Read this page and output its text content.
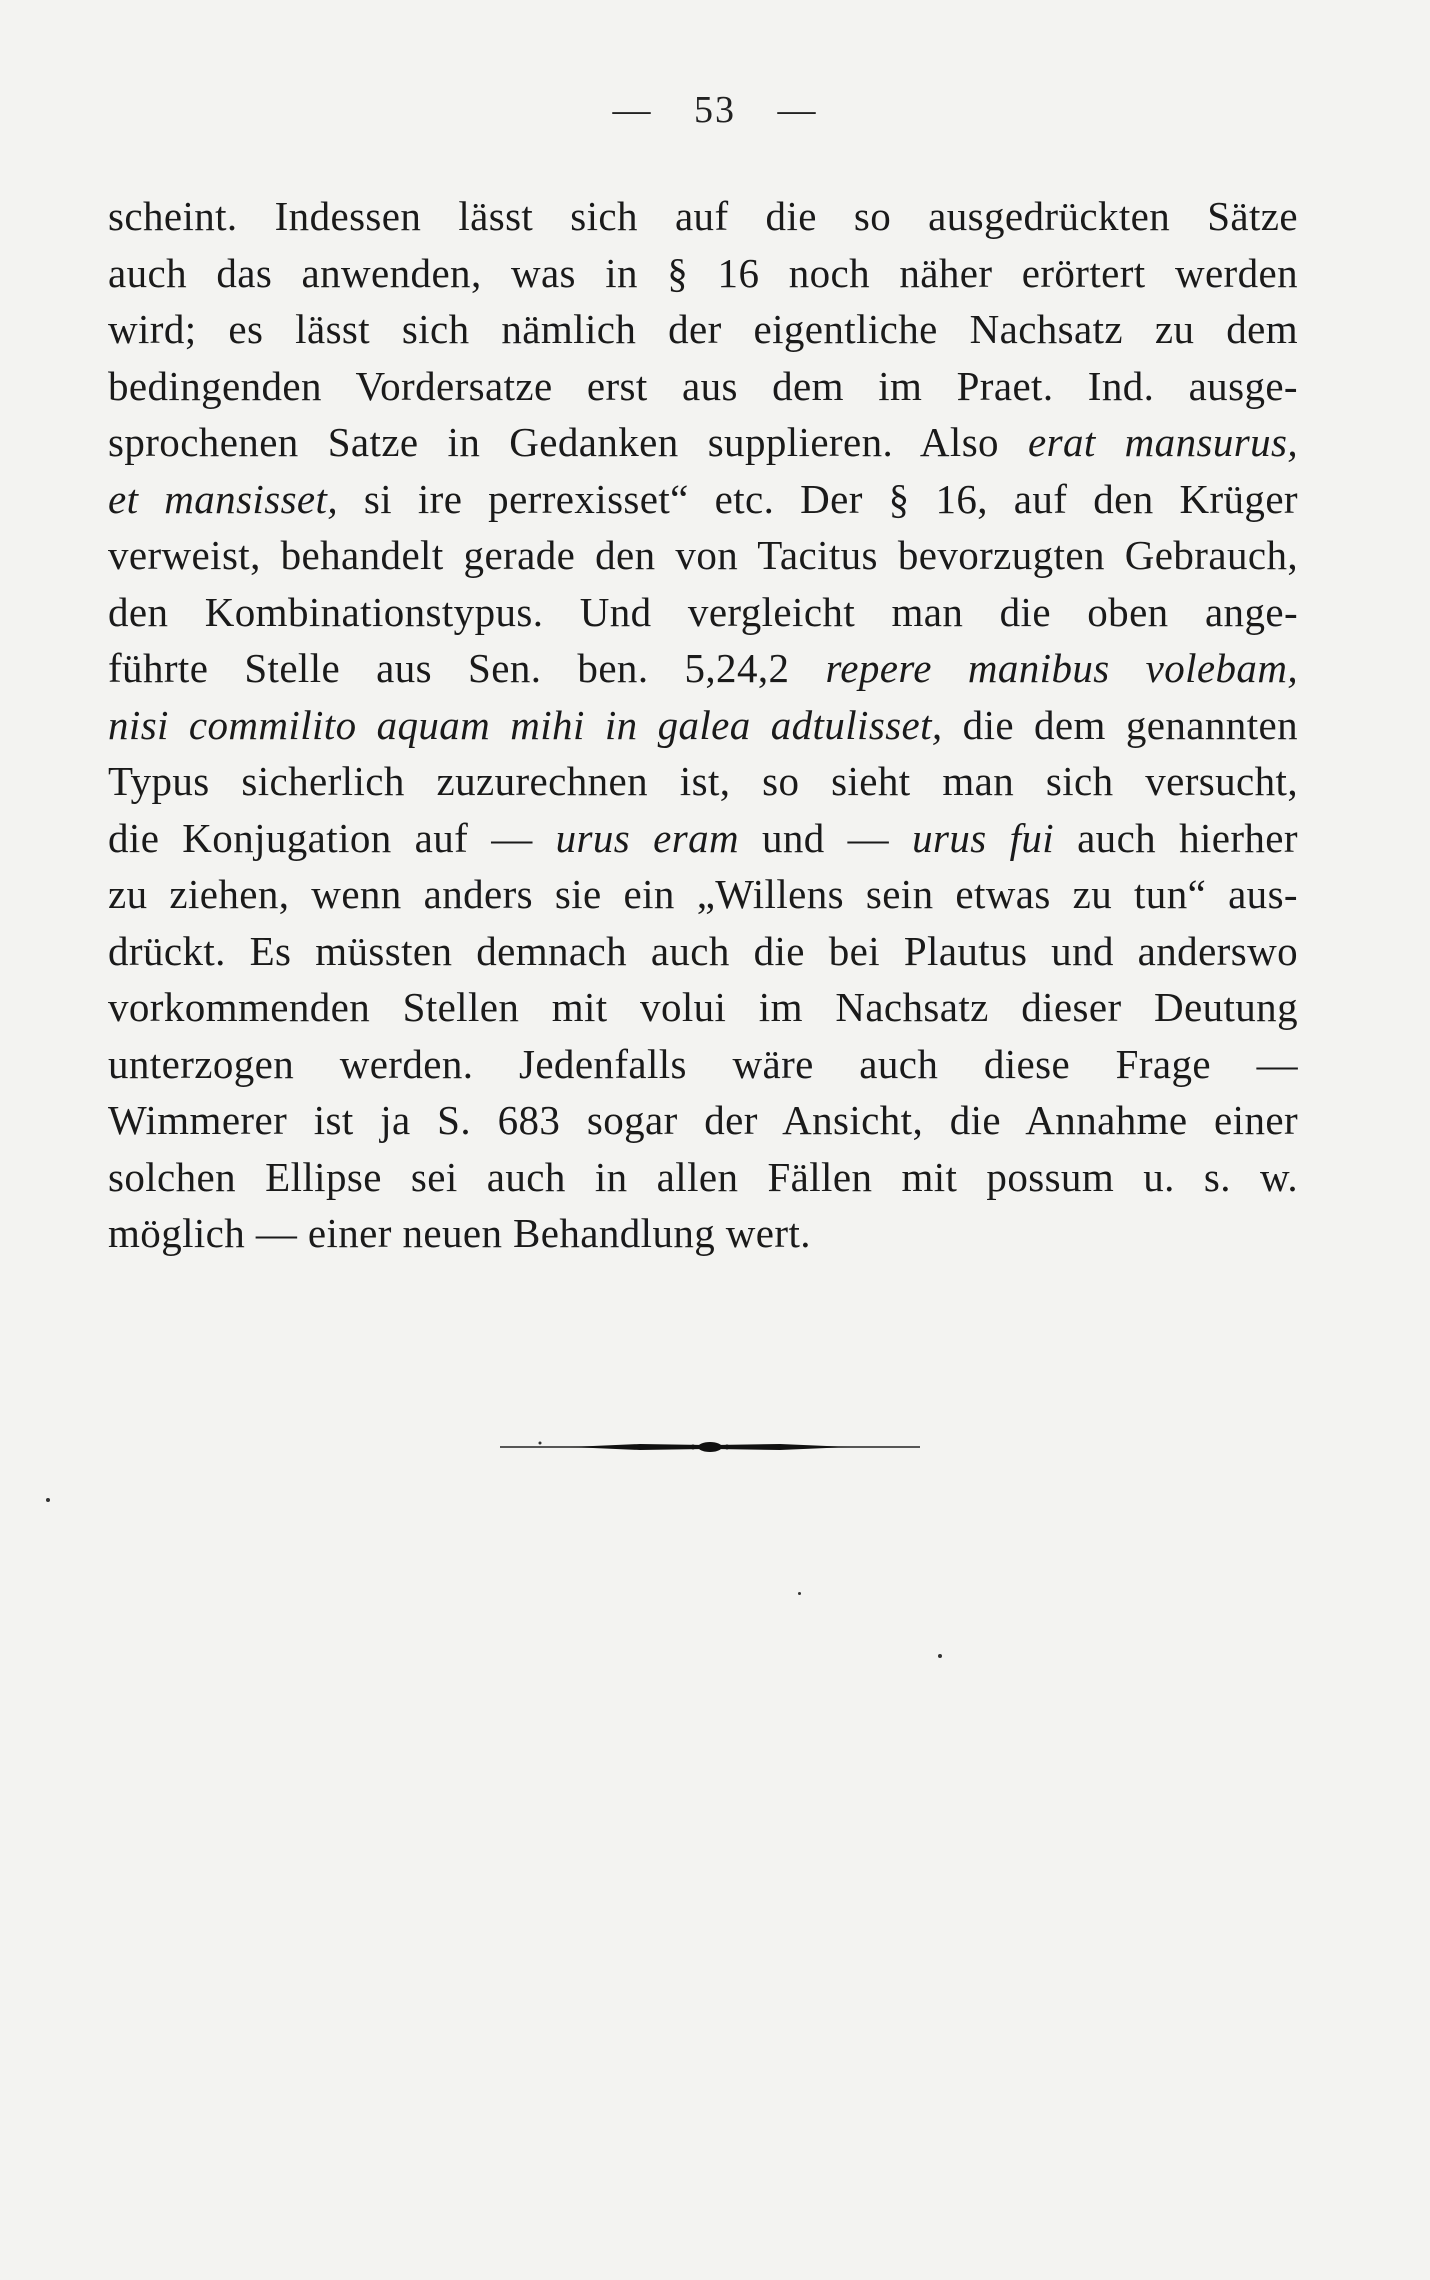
— 53 —
scheint. Indessen lässt sich auf die so ausgedrückten Sätze
auch das anwenden, was in § 16 noch näher erörtert werden
wird; es lässt sich nämlich der eigentliche Nachsatz zu dem
bedingenden Vordersatze erst aus dem im Praet. Ind. ausge-
sprochenen Satze in Gedanken supplieren. Also erat mansurus,
et mansisset, si ire perrexisset“ etc. Der § 16, auf den Krüger
verweist, behandelt gerade den von Tacitus bevorzugten Gebrauch,
den Kombinationstypus. Und vergleicht man die oben ange-
führte Stelle aus Sen. ben. 5,24,2 repere manibus volebam,
nisi commilito aquam mihi in galea adtulisset, die dem genannten
Typus sicherlich zuzurechnen ist, so sieht man sich versucht,
die Konjugation auf — urus eram und — urus fui auch hierher
zu ziehen, wenn anders sie ein „Willens sein etwas zu tun“ aus-
drückt. Es müssten demnach auch die bei Plautus und anderswo
vorkommenden Stellen mit volui im Nachsatz dieser Deutung
unterzogen werden. Jedenfalls wäre auch diese Frage —
Wimmerer ist ja S. 683 sogar der Ansicht, die Annahme einer
solchen Ellipse sei auch in allen Fällen mit possum u. s. w.
möglich — einer neuen Behandlung wert.
